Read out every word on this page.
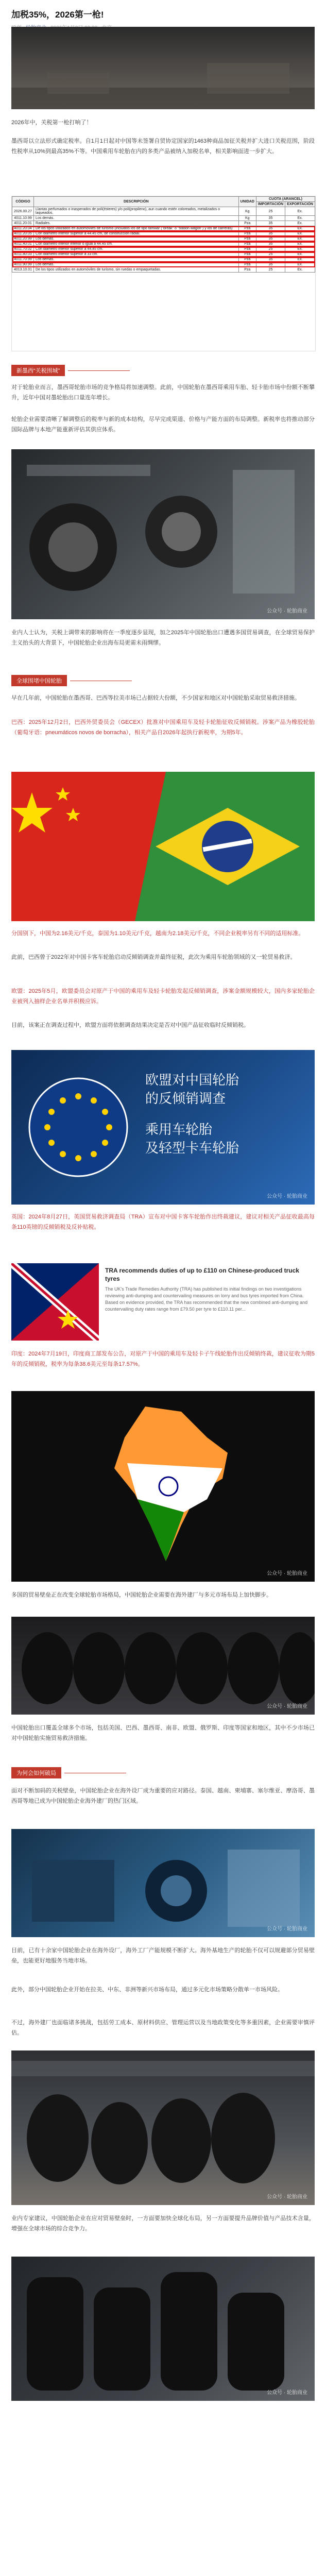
加税35%，2026第一枪!

2026年中，关税第一枪打响了！

墨西哥以立法形式确定税率。自1月1日起对中国等未签署自贸协定国家的1463种商品加征关税并扩大进口关税范围，阶段性税率从10%到最高35%不等。中国乘用车轮胎在内的多类产品被纳入加税名单，相关影响面进一步扩大。

CÓDIGO	DESCRIPCIÓN	UNIDAD	CUOTA (ARANCEL)	
			IMPORTACIÓN	EXPORTACIÓN
2026.00.27	Llantas perfumados o inasperados de poli(ésteres) y/o poli(propileno), aun cuando estén coloreados, metalizados o laqueados.	Kg	25	Ex.
4011.10.99	Los demás.	Kg	35	Ex.
4011.20.01	Radiales.	Pza	35	Ex.
4011.20.04	De los tipos utilizados en automóviles de turismo (incluidos los de tipo familiar ("break" o "station wagon") y los de carreras)	Pza	35	Ex.
4011.20.05	Con diámetro interior superior a 44.45 cm, de construcción radial.	Pza	35	Ex.
4011.20.99	Los demás.	Pza	35	Ex.
4011.40.01	Con diámetro interior inferior o igual a 44.45 cm.	Pza	35	Ex.
4011.70.02	Con diámetro interior superior a 44.45 cm.	Pza	25	Ex.
4011.80.03	Con diámetro interior superior a 33 cm.	Pza	25	Ex.
4011.70.99	Los demás.	Pza	35	Ex.
4011.90.99	Los demás.	Pza	35	Ex.
4013.10.01	De los tipos utilizados en automóviles de turismo, sin ruedas o empaquetadas.	Pza	25	Ex.
新墨西“关税围城”

对于轮胎业而言，墨西哥轮胎市场的竞争格局将加速调整。此前，中国轮胎在墨西哥乘用车胎、轻卡胎市场中份额不断攀升，近年中国对墨轮胎出口量连年增长。

轮胎企业需要清晰了解调整后的税率与新的成本结构，尽早完成渠道、价格与产能方面的布局调整。新税率也将推动部分国际品牌与本地产能重新评估其供应体系。

公众号 · 轮胎商业

业内人士认为，关税上调带来的影响将在一季度逐步显现，加之2025年中国轮胎出口遭遇多国贸易调查，在全球贸易保护主义抬头的大背景下，中国轮胎企业出海布局更需未雨绸缪。

全球围堵中国轮胎

早在几年前，中国轮胎在墨西哥、巴西等拉美市场已占据较大份额，不少国家和地区对中国轮胎采取贸易救济措施。

巴西：2025年12月2日，巴西外贸委员会（GECEX）批准对中国乘用车及轻卡轮胎征收反倾销税。涉案产品为橡胶轮胎（葡萄牙语：pneumáticos novos de borracha），相关产品自2026年起执行新税率，为期5年。

分国别下，中国为2.16美元/千克，泰国为1.10美元/千克，越南为2.18美元/千克，不同企业税率另有不同的适用标准。

此前，巴西曾于2022年对中国卡客车轮胎启动反倾销调查并最终征税，此次为乘用车轮胎领域的又一轮贸易救济。

欧盟：2025年5月，欧盟委员会对原产于中国的乘用车及轻卡轮胎发起反倾销调查，涉案金额规模较大，国内多家轮胎企业被列入抽样企业名单并积极应诉。

目前，该案正在调查过程中，欧盟方面将依据调查结果决定是否对中国产品征收临时反倾销税。

欧盟对中国轮胎
的反倾销调查
乘用车轮胎
及轻型卡车轮胎
公众号 · 轮胎商业

英国：2024年8月27日，英国贸易救济调查局（TRA）宣布对中国卡客车轮胎作出终裁建议，建议对相关产品征收最高每条110英镑的反倾销税及反补贴税。

TRA recommends duties of up to £110 on Chinese-produced truck tyres
The UK's Trade Remedies Authority (TRA) has published its initial findings on two investigations reviewing anti-dumping and countervailing measures on lorry and bus tyres imported from China. Based on evidence provided, the TRA has recommended that the new combined anti-dumping and countervailing duty rates range from £79.50 per tyre to £110.11 per...

印度：2024年7月19日，印度商工部发布公告，对原产于中国的乘用车及轻卡子午线轮胎作出反倾销终裁，建议征收为期5年的反倾销税，税率为每条38.6美元至每条17.57%。

公众号 · 轮胎商业

多国的贸易壁垒正在改变全球轮胎市场格局，中国轮胎企业需要在海外建厂与多元市场布局上加快脚步。

公众号 · 轮胎商业

中国轮胎出口覆盖全球多个市场，包括美国、巴西、墨西哥、南非、欧盟、俄罗斯、印度等国家和地区，其中不少市场已对中国轮胎实施贸易救济措施。

为何会如何破局

面对不断加码的关税壁垒，中国轮胎企业在海外设厂成为重要的应对路径。泰国、越南、柬埔寨、塞尔维亚、摩洛哥、墨西哥等地已成为中国轮胎企业海外建厂的热门区域。

公众号 · 轮胎商业

目前，已有十余家中国轮胎企业在海外设厂，海外工厂产能规模不断扩大。海外基地生产的轮胎不仅可以规避部分贸易壁垒，也能更好地服务当地市场。

此外，部分中国轮胎企业开始在拉美、中东、非洲等新兴市场布局，通过多元化市场策略分散单一市场风险。

不过，海外建厂也面临诸多挑战，包括劳工成本、原材料供应、管理运营以及当地政策变化等多重因素，企业需要审慎评估。

公众号 · 轮胎商业

业内专家建议，中国轮胎企业在应对贸易壁垒时，一方面要加快全球化布局，另一方面要提升品牌价值与产品技术含量，增强在全球市场的综合竞争力。

公众号 · 轮胎商业
